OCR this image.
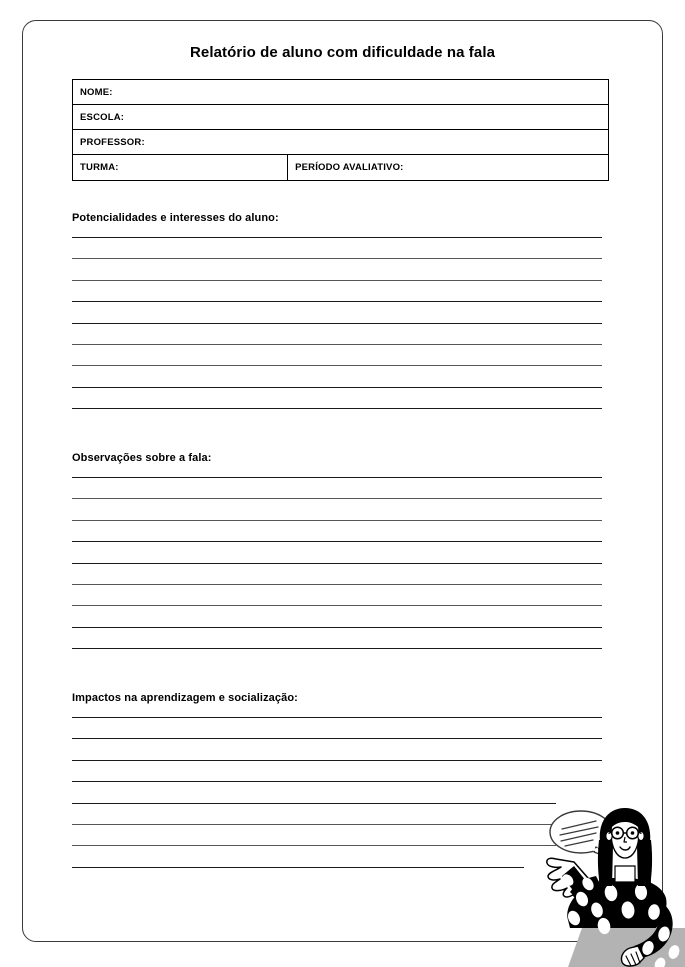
Relatório de aluno com dificuldade na fala
NOME:
ESCOLA:
PROFESSOR:
TURMA:	PERÍODO AVALIATIVO:
Potencialidades e interesses do aluno:
Observações sobre a fala:
Impactos na aprendizagem e socialização:
